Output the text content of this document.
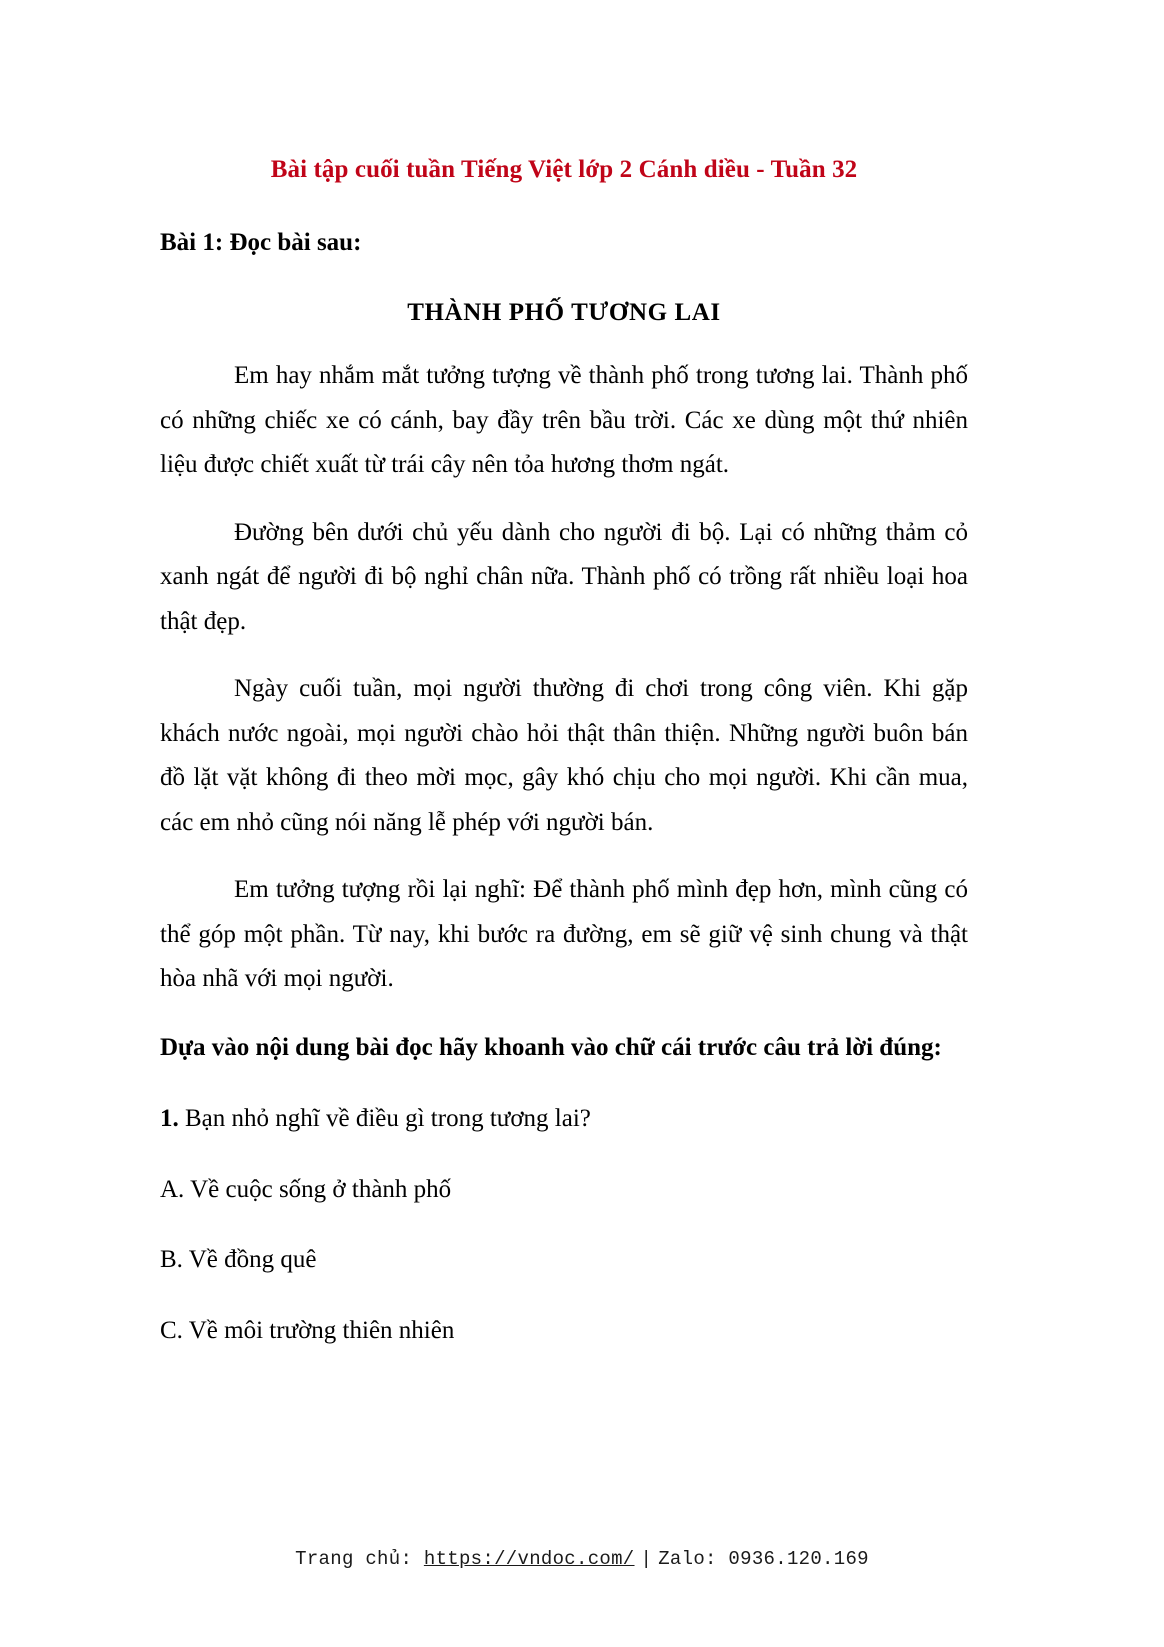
Bài tập cuối tuần Tiếng Việt lớp 2 Cánh diều - Tuần 32
Bài 1: Đọc bài sau:
THÀNH PHỐ TƯƠNG LAI

Em hay nhắm mắt tưởng tượng về thành phố trong tương lai. Thành phố có những chiếc xe có cánh, bay đầy trên bầu trời. Các xe dùng một thứ nhiên liệu được chiết xuất từ trái cây nên tỏa hương thơm ngát.

Đường bên dưới chủ yếu dành cho người đi bộ. Lại có những thảm cỏ xanh ngát để người đi bộ nghỉ chân nữa. Thành phố có trồng rất nhiều loại hoa thật đẹp.

Ngày cuối tuần, mọi người thường đi chơi trong công viên. Khi gặp khách nước ngoài, mọi người chào hỏi thật thân thiện. Những người buôn bán đồ lặt vặt không đi theo mời mọc, gây khó chịu cho mọi người. Khi cần mua, các em nhỏ cũng nói năng lễ phép với người bán.

Em tưởng tượng rồi lại nghĩ: Để thành phố mình đẹp hơn, mình cũng có thể góp một phần. Từ nay, khi bước ra đường, em sẽ giữ vệ sinh chung và thật hòa nhã với mọi người.

Dựa vào nội dung bài đọc hãy khoanh vào chữ cái trước câu trả lời đúng:

1. Bạn nhỏ nghĩ về điều gì trong tương lai?

A. Về cuộc sống ở thành phố

B. Về đồng quê

C. Về môi trường thiên nhiên

Trang chủ: https://vndoc.com/ | Zalo: 0936.120.169
